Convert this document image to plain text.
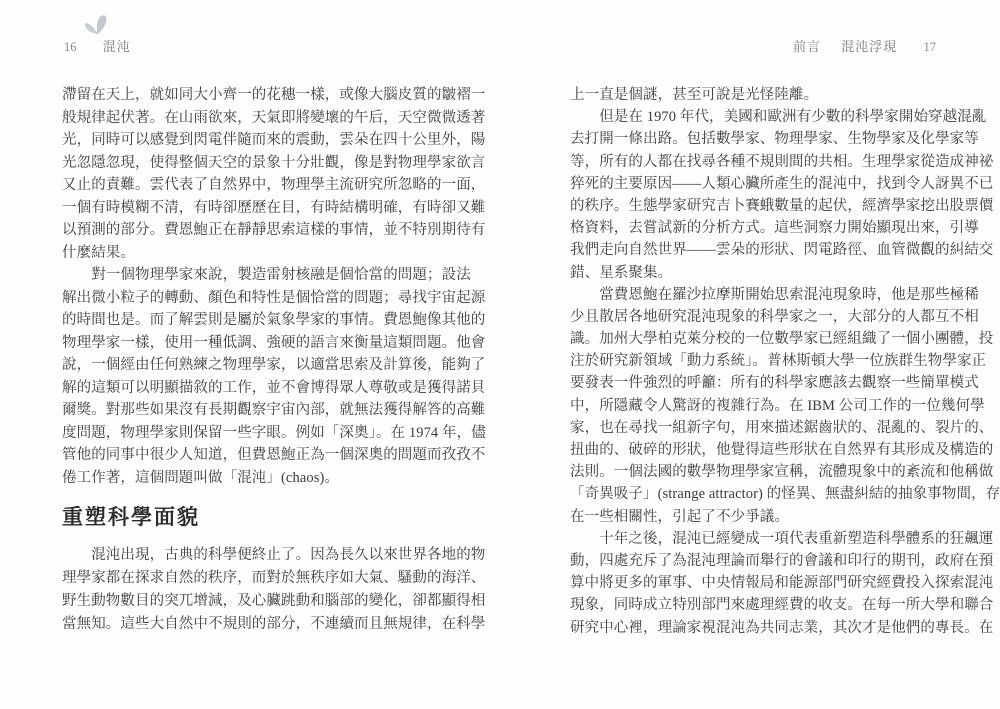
16 混沌
滯留在天上，就如同大小齊一的花穗一樣，或像大腦皮質的皺褶一
般規律起伏著。在山雨欲來，天氣即將變壞的午后，天空微微透著
光，同時可以感覺到閃電伴隨而來的震動，雲朵在四十公里外，陽
光忽隱忽現，使得整個天空的景象十分壯觀，像是對物理學家欲言
又止的責難。雲代表了自然界中，物理學主流研究所忽略的一面，
一個有時模糊不清，有時卻歷歷在目，有時結構明確，有時卻又難
以預測的部分。費恩鮑正在靜靜思索這樣的事情，並不特別期待有
什麼結果。
　　對一個物理學家來說，製造雷射核融是個恰當的問題；設法
解出微小粒子的轉動、顏色和特性是個恰當的問題；尋找宇宙起源
的時間也是。而了解雲則是屬於氣象學家的事情。費恩鮑像其他的
物理學家一樣，使用一種低調、強硬的語言來衡量這類問題。他會
說，一個經由任何熟練之物理學家，以適當思索及計算後，能夠了
解的這類可以明顯描敘的工作，並不會博得眾人尊敬或是獲得諾貝
爾獎。對那些如果沒有長期觀察宇宙內部，就無法獲得解答的高難
度問題，物理學家則保留一些字眼。例如「深奧」。在 1974 年，儘
管他的同事中很少人知道，但費恩鮑正為一個深奧的問題而孜孜不
倦工作著，這個問題叫做「混沌」(chaos)。
重塑科學面貌
　　混沌出現，古典的科學便終止了。因為長久以來世界各地的物
理學家都在探求自然的秩序，而對於無秩序如大氣、騷動的海洋、
野生動物數目的突兀增減，及心臟跳動和腦部的變化，卻都顯得相
當無知。這些大自然中不規則的部分，不連續而且無規律，在科學
前言 混沌浮現 17
上一直是個謎，甚至可說是光怪陸離。
　　但是在 1970 年代，美國和歐洲有少數的科學家開始穿越混亂
去打開一條出路。包括數學家、物理學家、生物學家及化學家等
等，所有的人都在找尋各種不規則間的共相。生理學家從造成神祕
猝死的主要原因——人類心臟所產生的混沌中，找到令人訝異不已
的秩序。生態學家研究吉卜賽蛾數量的起伏，經濟學家挖出股票價
格資料，去嘗試新的分析方式。這些洞察力開始顯現出來，引導
我們走向自然世界——雲朵的形狀、閃電路徑、血管微觀的糾結交
錯、星系聚集。
　　當費恩鮑在羅沙拉摩斯開始思索混沌現象時，他是那些極稀
少且散居各地研究混沌現象的科學家之一，大部分的人都互不相
識。加州大學柏克萊分校的一位數學家已經組織了一個小團體，投
注於研究新領域「動力系統」。普林斯頓大學一位族群生物學家正
要發表一件強烈的呼籲：所有的科學家應該去觀察一些簡單模式
中，所隱藏令人驚訝的複雜行為。在 IBM 公司工作的一位幾何學
家，也在尋找一組新字句，用來描述鋸齒狀的、混亂的、裂片的、
扭曲的、破碎的形狀，他覺得這些形狀在自然界有其形成及構造的
法則。一個法國的數學物理學家宣稱，流體現象中的紊流和他稱做
「奇異吸子」(strange attractor) 的怪異、無盡糾結的抽象事物間，存
在一些相關性，引起了不少爭議。
　　十年之後，混沌已經變成一項代表重新塑造科學體系的狂飆運
動，四處充斥了為混沌理論而舉行的會議和印行的期刊，政府在預
算中將更多的軍事、中央情報局和能源部門研究經費投入探索混沌
現象，同時成立特別部門來處理經費的收支。在每一所大學和聯合
研究中心裡，理論家視混沌為共同志業，其次才是他們的專長。在
